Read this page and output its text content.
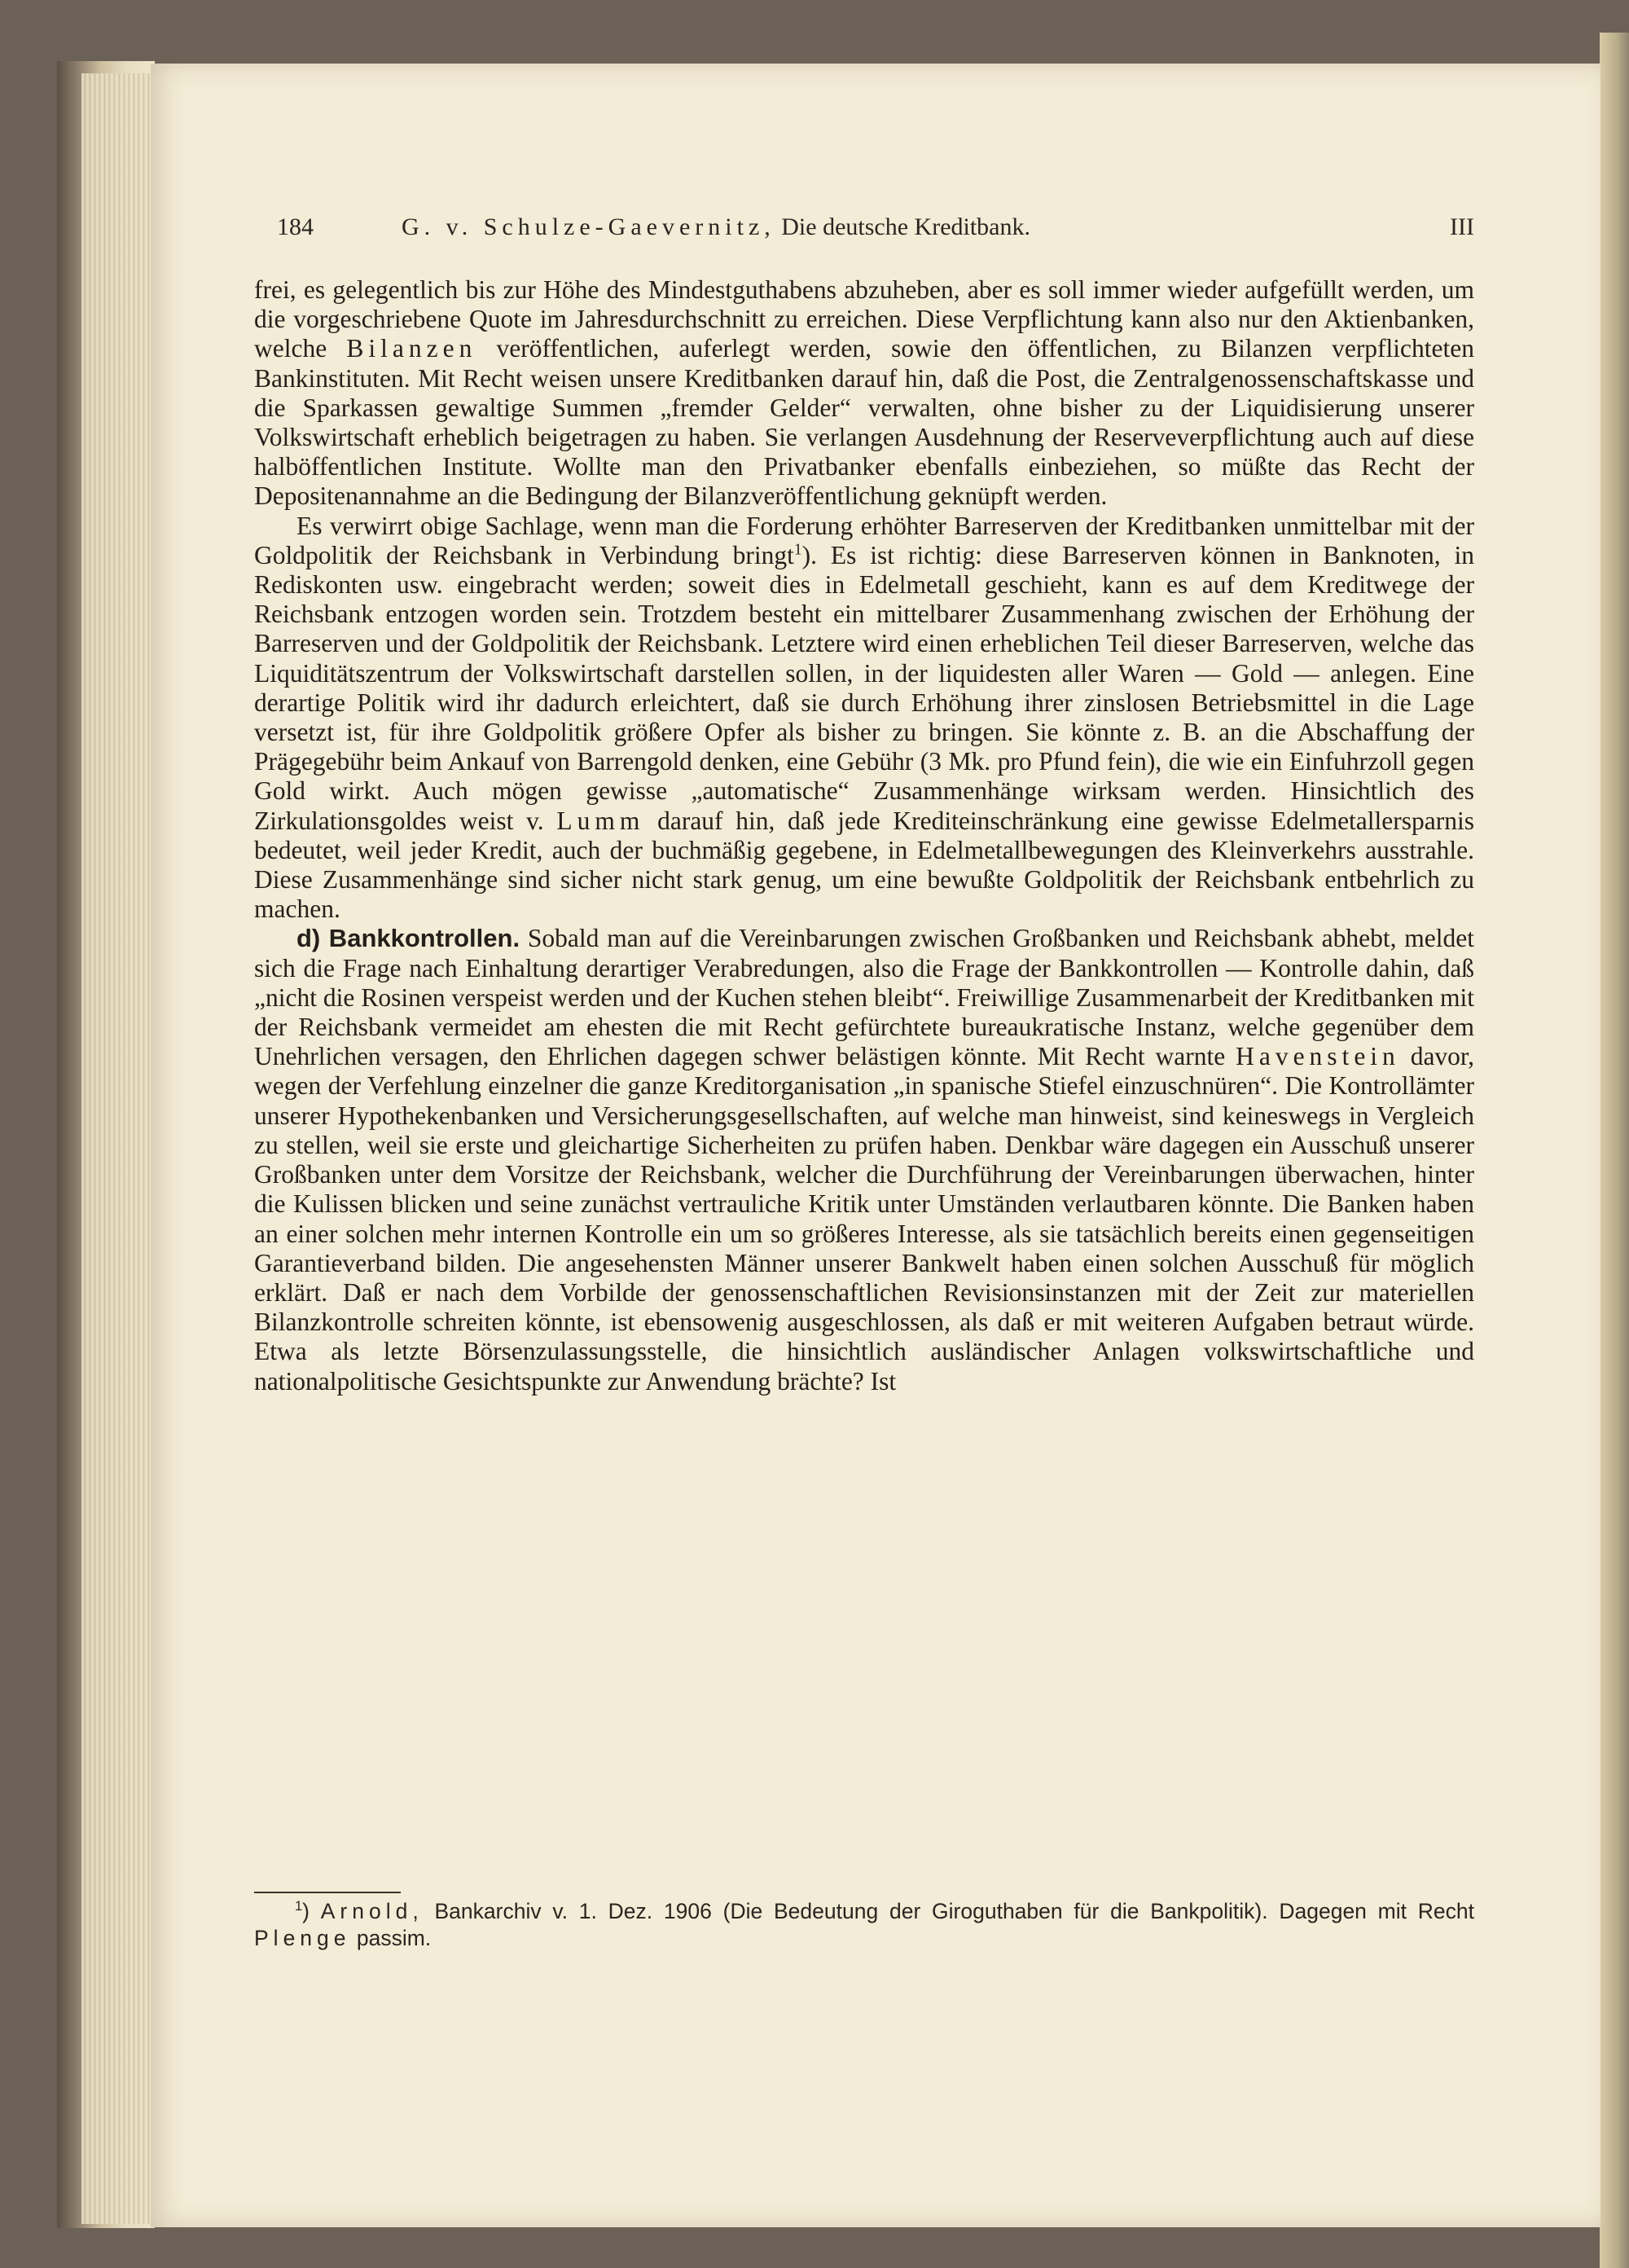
184	G. v. Schulze-Gaevernitz, Die deutsche Kreditbank.	III

frei, es gelegentlich bis zur Höhe des Mindestguthabens abzuheben, aber es soll immer wieder aufgefüllt werden, um die vorgeschriebene Quote im Jahresdurchschnitt zu erreichen. Diese Verpflichtung kann also nur den Aktienbanken, welche Bilanzen veröffentlichen, auferlegt werden, sowie den öffentlichen, zu Bilanzen verpflichteten Bankinstituten. Mit Recht weisen unsere Kreditbanken darauf hin, daß die Post, die Zentralgenossenschaftskasse und die Sparkassen gewaltige Summen „fremder Gelder“ verwalten, ohne bisher zu der Liquidisierung unserer Volkswirtschaft erheblich beigetragen zu haben. Sie verlangen Ausdehnung der Reserveverpflichtung auch auf diese halböffentlichen Institute. Wollte man den Privatbanker ebenfalls einbeziehen, so müßte das Recht der Depositenannahme an die Bedingung der Bilanzveröffentlichung geknüpft werden.

Es verwirrt obige Sachlage, wenn man die Forderung erhöhter Barreserven der Kreditbanken unmittelbar mit der Goldpolitik der Reichsbank in Verbindung bringt$^1$). Es ist richtig: diese Barreserven können in Banknoten, in Rediskonten usw. eingebracht werden; soweit dies in Edelmetall geschieht, kann es auf dem Kreditwege der Reichsbank entzogen worden sein. Trotzdem besteht ein mittelbarer Zusammenhang zwischen der Erhöhung der Barreserven und der Goldpolitik der Reichsbank. Letztere wird einen erheblichen Teil dieser Barreserven, welche das Liquiditätszentrum der Volkswirtschaft darstellen sollen, in der liquidesten aller Waren — Gold — anlegen. Eine derartige Politik wird ihr dadurch erleichtert, daß sie durch Erhöhung ihrer zinslosen Betriebsmittel in die Lage versetzt ist, für ihre Goldpolitik größere Opfer als bisher zu bringen. Sie könnte z. B. an die Abschaffung der Prägegebühr beim Ankauf von Barrengold denken, eine Gebühr (3 Mk. pro Pfund fein), die wie ein Einfuhrzoll gegen Gold wirkt. Auch mögen gewisse „automatische“ Zusammenhänge wirksam werden. Hinsichtlich des Zirkulationsgoldes weist v. Lumm darauf hin, daß jede Krediteinschränkung eine gewisse Edelmetallersparnis bedeutet, weil jeder Kredit, auch der buchmäßig gegebene, in Edelmetallbewegungen des Kleinverkehrs ausstrahle. Diese Zusammenhänge sind sicher nicht stark genug, um eine bewußte Goldpolitik der Reichsbank entbehrlich zu machen.

d) Bankkontrollen. Sobald man auf die Vereinbarungen zwischen Großbanken und Reichsbank abhebt, meldet sich die Frage nach Einhaltung derartiger Verabredungen, also die Frage der Bankkontrollen — Kontrolle dahin, daß „nicht die Rosinen verspeist werden und der Kuchen stehen bleibt“. Freiwillige Zusammenarbeit der Kreditbanken mit der Reichsbank vermeidet am ehesten die mit Recht gefürchtete bureaukratische Instanz, welche gegenüber dem Unehrlichen versagen, den Ehrlichen dagegen schwer belästigen könnte. Mit Recht warnte Havenstein davor, wegen der Verfehlung einzelner die ganze Kreditorganisation „in spanische Stiefel einzuschnüren“. Die Kontrollämter unserer Hypothekenbanken und Versicherungsgesellschaften, auf welche man hinweist, sind keineswegs in Vergleich zu stellen, weil sie erste und gleichartige Sicherheiten zu prüfen haben. Denkbar wäre dagegen ein Ausschuß unserer Großbanken unter dem Vorsitze der Reichsbank, welcher die Durchführung der Vereinbarungen überwachen, hinter die Kulissen blicken und seine zunächst vertrauliche Kritik unter Umständen verlautbaren könnte. Die Banken haben an einer solchen mehr internen Kontrolle ein um so größeres Interesse, als sie tatsächlich bereits einen gegenseitigen Garantieverband bilden. Die angesehensten Männer unserer Bankwelt haben einen solchen Ausschuß für möglich erklärt. Daß er nach dem Vorbilde der genossenschaftlichen Revisionsinstanzen mit der Zeit zur materiellen Bilanzkontrolle schreiten könnte, ist ebensowenig ausgeschlossen, als daß er mit weiteren Aufgaben betraut würde. Etwa als letzte Börsenzulassungsstelle, die hinsichtlich ausländischer Anlagen volkswirtschaftliche und nationalpolitische Gesichtspunkte zur Anwendung brächte? Ist

$^1$) Arnold, Bankarchiv v. 1. Dez. 1906 (Die Bedeutung der Giroguthaben für die Bankpolitik). Dagegen mit Recht Plenge passim.
